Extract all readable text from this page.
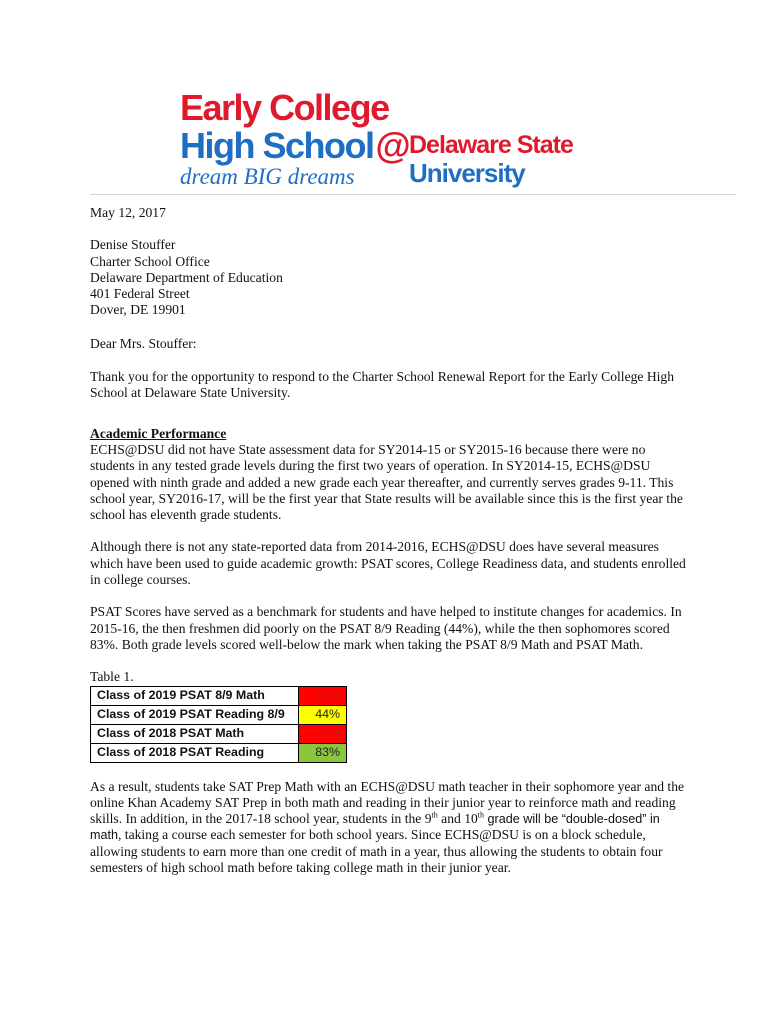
Early College
High School@ Delaware State
dream BIG dreams University

May 12, 2017

Denise Stouffer

Charter School Office

Delaware Department of Education

401 Federal Street

Dover, DE 19901

Dear Mrs. Stouffer:

Thank you for the opportunity to respond to the Charter School Renewal Report for the Early College High School at Delaware State University.

Academic Performance

ECHS@DSU did not have State assessment data for SY2014-15 or SY2015-16 because there were no students in any tested grade levels during the first two years of operation. In SY2014-15, ECHS@DSU opened with ninth grade and added a new grade each year thereafter, and currently serves grades 9-11. This school year, SY2016-17, will be the first year that State results will be available since this is the first year the school has eleventh grade students.

Although there is not any state-reported data from 2014-2016, ECHS@DSU does have several measures which have been used to guide academic growth: PSAT scores, College Readiness data, and students enrolled in college courses.

PSAT Scores have served as a benchmark for students and have helped to institute changes for academics. In 2015-16, the then freshmen did poorly on the PSAT 8/9 Reading (44%), while the then sophomores scored 83%. Both grade levels scored well-below the mark when taking the PSAT 8/9 Math and PSAT Math.

Table 1.

Class of 2019 PSAT 8/9 Math	39%
Class of 2019 PSAT Reading 8/9	44%
Class of 2018 PSAT Math	26%
Class of 2018 PSAT Reading	83%

As a result, students take SAT Prep Math with an ECHS@DSU math teacher in their sophomore year and the online Khan Academy SAT Prep in both math and reading in their junior year to reinforce math and reading skills. In addition, in the 2017-18 school year, students in the 9th and 10th grade will be “double-dosed” in math, taking a course each semester for both school years. Since ECHS@DSU is on a block schedule, allowing students to earn more than one credit of math in a year, thus allowing the students to obtain four semesters of high school math before taking college math in their junior year.
